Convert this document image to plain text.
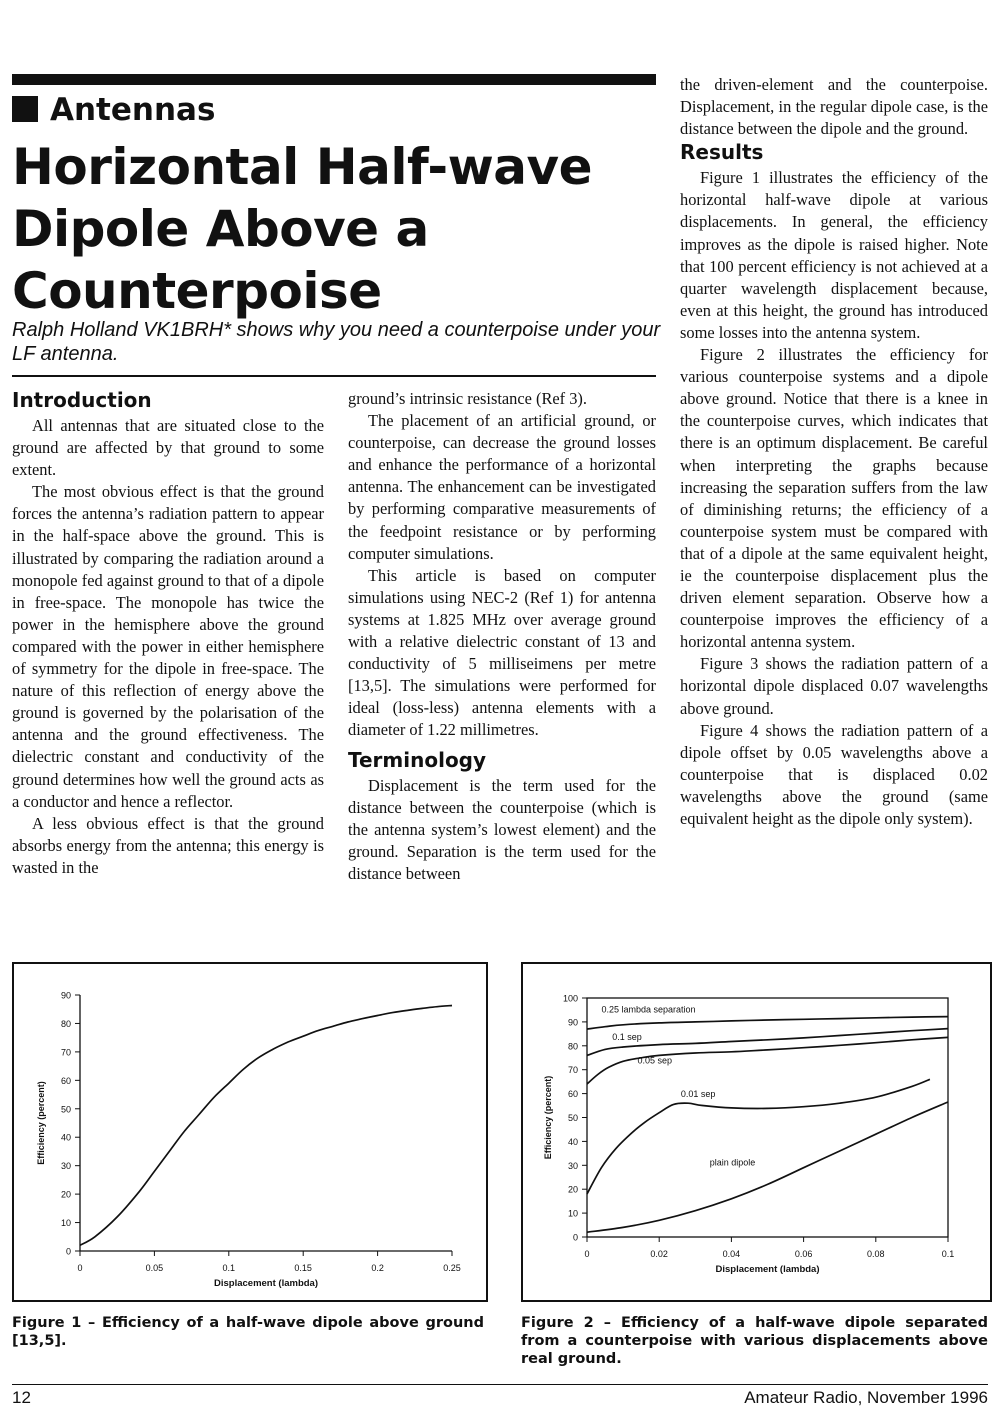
Antennas
Horizontal Half-wave Dipole Above a Counterpoise
Ralph Holland VK1BRH* shows why you need a counterpoise under your LF antenna.
Introduction

All antennas that are situated close to the ground are affected by that ground to some extent.

The most obvious effect is that the ground forces the antenna’s radiation pattern to appear in the half-space above the ground. This is illustrated by comparing the radiation around a monopole fed against ground to that of a dipole in free-space. The monopole has twice the power in the hemisphere above the ground compared with the power in either hemisphere of symmetry for the dipole in free-space. The nature of this reflection of energy above the ground is governed by the polarisation of the antenna and the ground effectiveness. The dielectric constant and conductivity of the ground determines how well the ground acts as a conductor and hence a reflector.

A less obvious effect is that the ground absorbs energy from the antenna; this energy is wasted in the

ground’s intrinsic resistance (Ref 3).

The placement of an artificial ground, or counterpoise, can decrease the ground losses and enhance the performance of a horizontal antenna. The enhancement can be investigated by performing comparative measurements of the feedpoint resistance or by performing computer simulations.

This article is based on computer simulations using NEC-2 (Ref 1) for antenna systems at 1.825 MHz over average ground with a relative dielectric constant of 13 and conductivity of 5 milliseimens per metre [13,5]. The simulations were performed for ideal (loss-less) antenna elements with a diameter of 1.22 millimetres.

Terminology

Displacement is the term used for the distance between the counterpoise (which is the antenna system’s lowest element) and the ground. Separation is the term used for the distance between

the driven-element and the counterpoise. Displacement, in the regular dipole case, is the distance between the dipole and the ground.

Results

Figure 1 illustrates the efficiency of the horizontal half-wave dipole at various displacements. In general, the efficiency improves as the dipole is raised higher. Note that 100 percent efficiency is not achieved at a quarter wavelength displacement because, even at this height, the ground has introduced some losses into the antenna system.

Figure 2 illustrates the efficiency for various counterpoise systems and a dipole above ground. Notice that there is a knee in the counterpoise curves, which indicates that there is an optimum displacement. Be careful when interpreting the graphs because increasing the separation suffers from the law of diminishing returns; the efficiency of a counterpoise system must be compared with that of a dipole at the same equivalent height, ie the counterpoise displacement plus the driven element separation. Observe how a counterpoise improves the efficiency of a horizontal antenna system.

Figure 3 shows the radiation pattern of a horizontal dipole displaced 0.07 wavelengths above ground.

Figure 4 shows the radiation pattern of a dipole offset by 0.05 wavelengths above a counterpoise that is displaced 0.02 wavelengths above the ground (same equivalent height as the dipole only system).

0
10
20
30
40
50
60
70
80
90
0	0.05	0.1	0.15	0.2	0.25
Displacement (lambda)
Efficiency (percent)
0
10
20
30
40
50
60
70
80
90
100
0	0.02	0.04	0.06	0.08	0.1
Displacement (lambda)
Efficiency (percent)
0.25 lambda separation
0.1 sep
0.05 sep
0.01 sep
plain dipole
Figure 1 – Efficiency of a half-wave dipole above ground [13,5].
Figure 2 – Efficiency of a half-wave dipole separated from a counterpoise with various displacements above real ground.
12	Amateur Radio, November 1996
